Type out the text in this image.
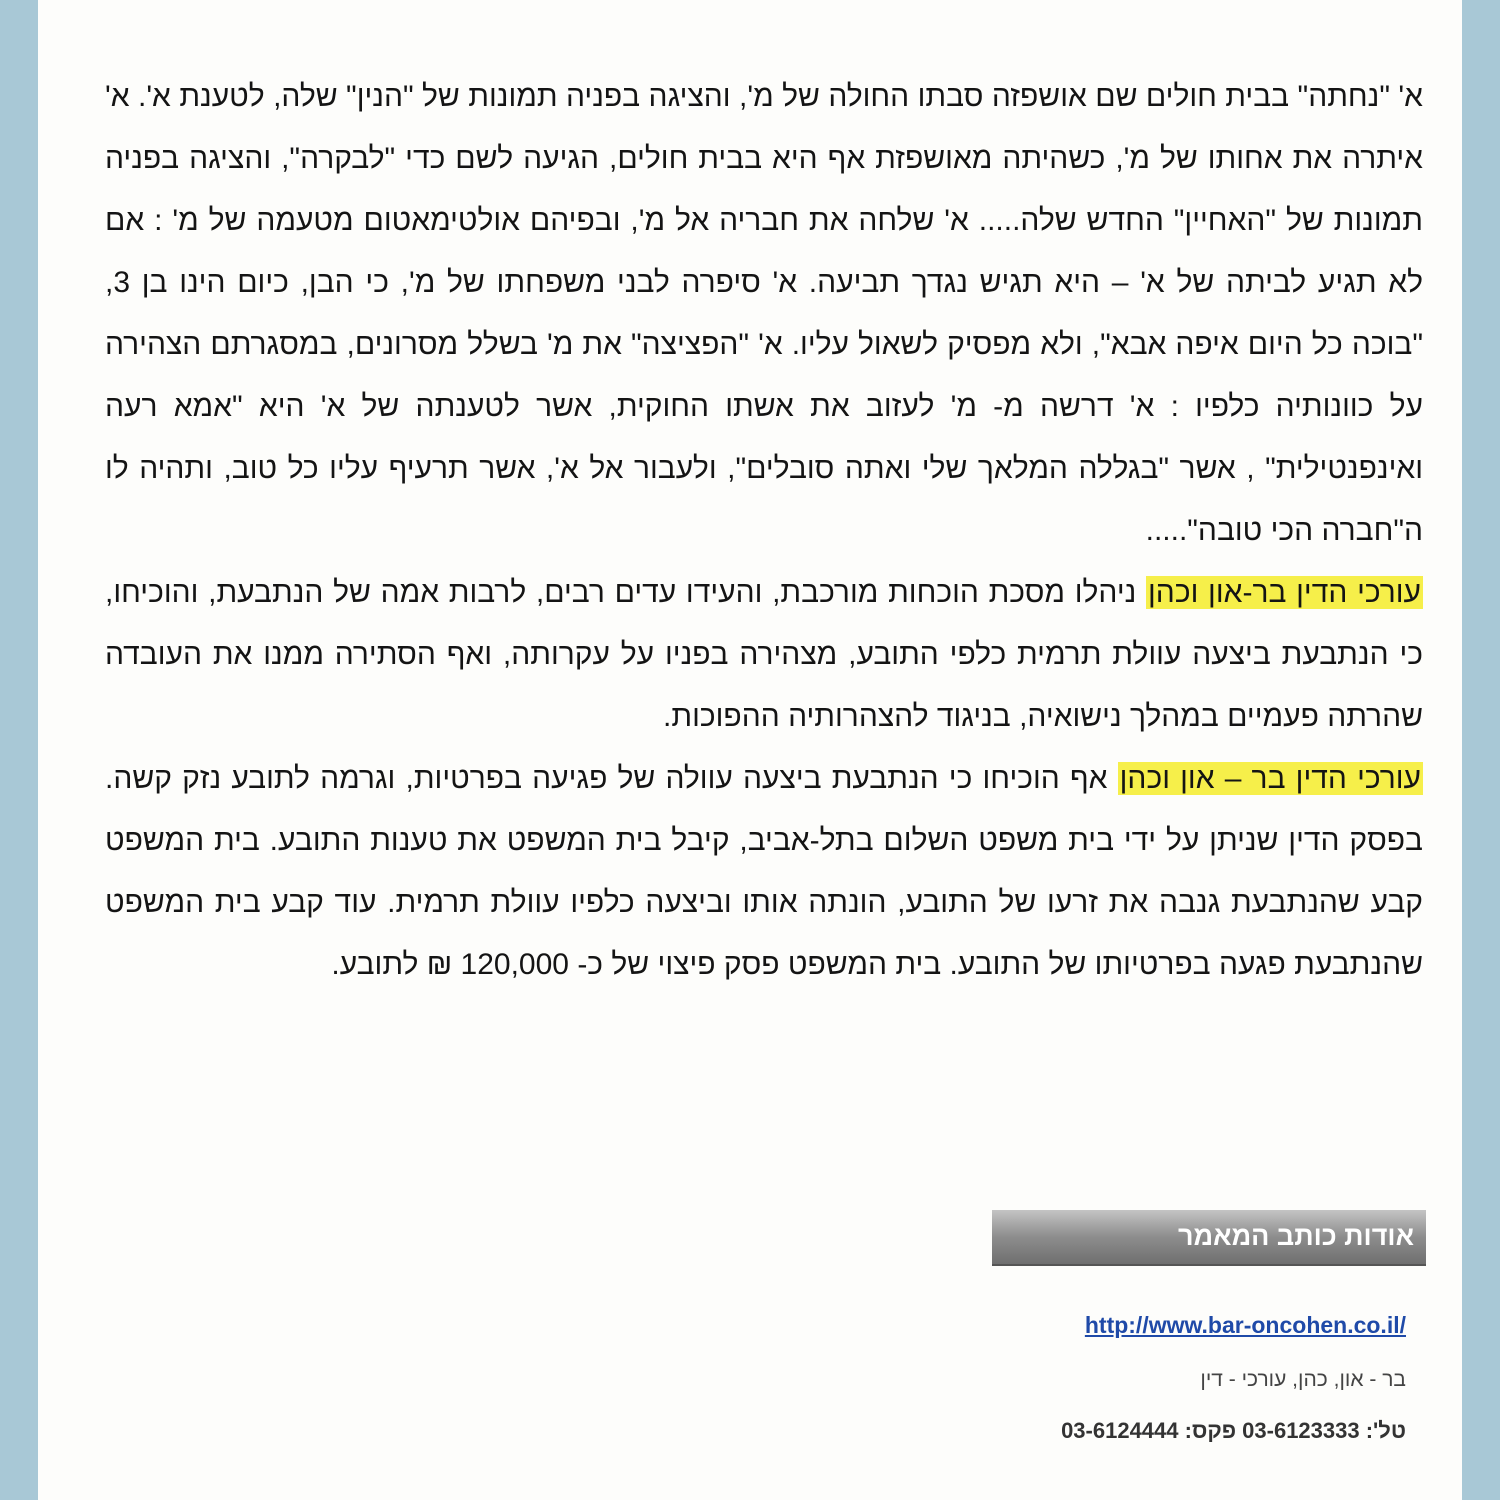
א' "נחתה" בבית חולים שם אושפזה סבתו החולה של מ', והציגה בפניה תמונות של "הנין" שלה, לטענת א'. א' איתרה את אחותו של מ', כשהיתה מאושפזת אף היא בבית חולים, הגיעה לשם כדי "לבקרה", והציגה בפניה תמונות של "האחיין" החדש שלה..... א' שלחה את חבריה אל מ', ובפיהם אולטימאטום מטעמה של מ' : אם לא תגיע לביתה של א' – היא תגיש נגדך תביעה. א' סיפרה לבני משפחתו של מ', כי הבן, כיום הינו בן 3, "בוכה כל היום איפה אבא", ולא מפסיק לשאול עליו. א' "הפציצה" את מ' בשלל מסרונים, במסגרתם הצהירה על כוונותיה כלפיו : א' דרשה מ- מ' לעזוב את אשתו החוקית, אשר לטענתה של א' היא "אמא רעה ואינפנטילית" , אשר "בגללה המלאך שלי ואתה סובלים", ולעבור אל א', אשר תרעיף עליו כל טוב, ותהיה לו ה"חברה הכי טובה".....

עורכי הדין בר-און וכהן ניהלו מסכת הוכחות מורכבת, והעידו עדים רבים, לרבות אמה של הנתבעת, והוכיחו, כי הנתבעת ביצעה עוולת תרמית כלפי התובע, מצהירה בפניו על עקרותה, ואף הסתירה ממנו את העובדה שהרתה פעמיים במהלך נישואיה, בניגוד להצהרותיה ההפוכות.

עורכי הדין בר – און וכהן אף הוכיחו כי הנתבעת ביצעה עוולה של פגיעה בפרטיות, וגרמה לתובע נזק קשה. בפסק הדין שניתן על ידי בית משפט השלום בתל-אביב, קיבל בית המשפט את טענות התובע. בית המשפט קבע שהנתבעת גנבה את זרעו של התובע, הונתה אותו וביצעה כלפיו עוולת תרמית. עוד קבע בית המשפט שהנתבעת פגעה בפרטיותו של התובע. בית המשפט פסק פיצוי של כ- 120,000 ₪ לתובע.

אודות כותב המאמר
http://www.bar-oncohen.co.il/
בר - און, כהן, עורכי - דין
טל': 03-6123333 פקס: 03-6124444
